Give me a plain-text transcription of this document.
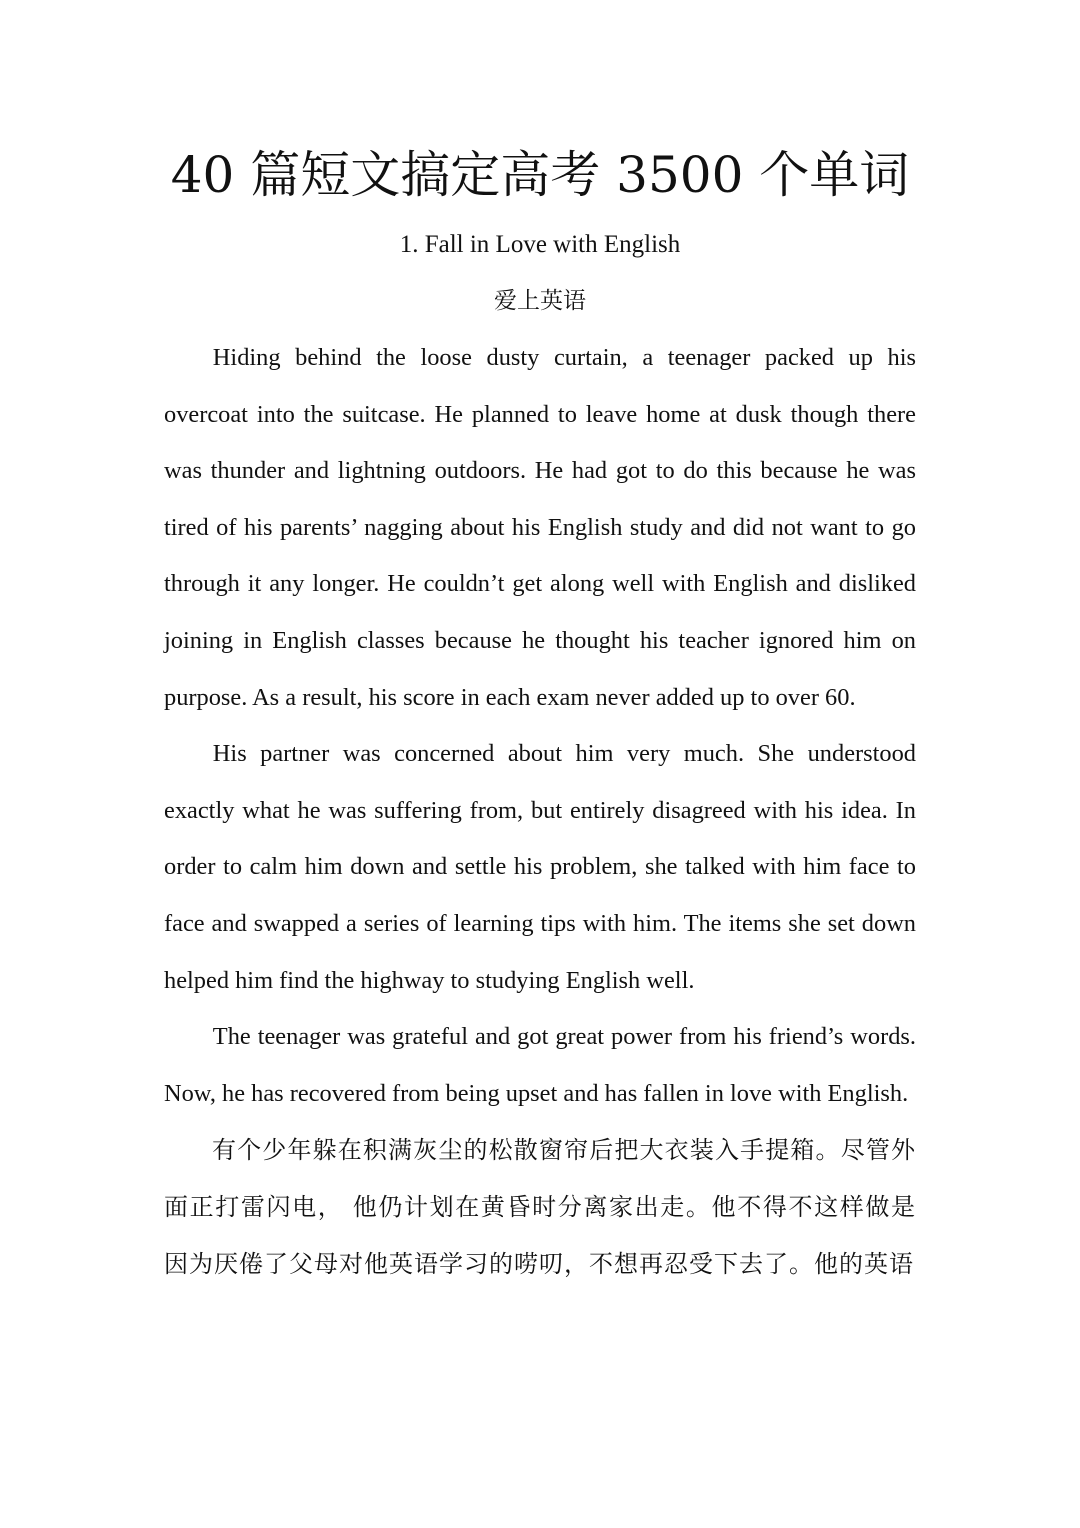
40 篇短文搞定高考 3500 个单词

1. Fall in Love with English

爱上英语

Hiding behind the loose dusty curtain, a teenager packed up his overcoat into the suitcase. He planned to leave home at dusk though there was thunder and lightning outdoors. He had got to do this because he was tired of his parents’ nagging about his English study and did not want to go through it any longer. He couldn’t get along well with English and disliked joining in English classes because he thought his teacher ignored him on purpose. As a result, his score in each exam never added up to over 60.

His partner was concerned about him very much. She understood exactly what he was suffering from, but entirely disagreed with his idea. In order to calm him down and settle his problem, she talked with him face to face and swapped a series of learning tips with him. The items she set down helped him find the highway to studying English well.

The teenager was grateful and got great power from his friend’s words. Now, he has recovered from being upset and has fallen in love with English.

有个少年躲在积满灰尘的松散窗帘后把大衣装入手提箱。尽管外面正打雷闪电， 他仍计划在黄昏时分离家出走。他不得不这样做是因为厌倦了父母对他英语学习的唠叨，不想再忍受下去了。他的英语
